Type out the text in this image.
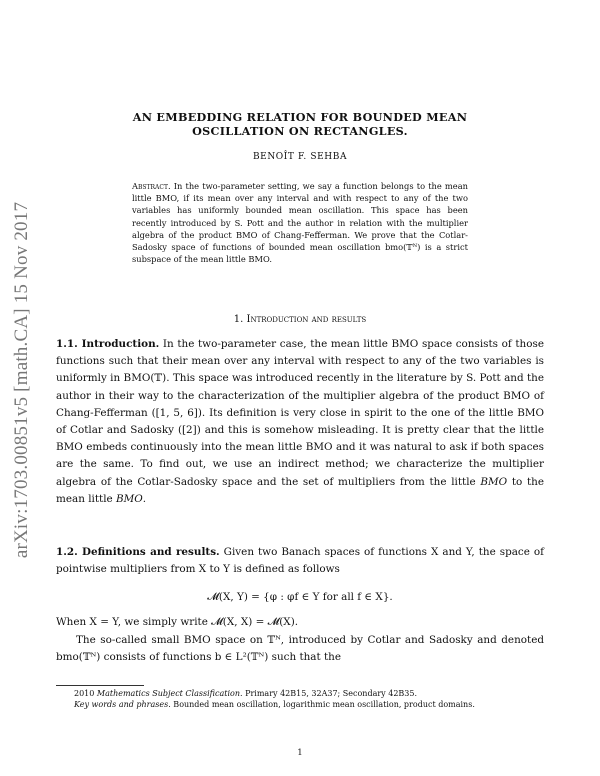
arXiv:1703.00851v5 [math.CA] 15 Nov 2017
AN EMBEDDING RELATION FOR BOUNDED MEAN
OSCILLATION ON RECTANGLES.
BENOÎT F. SEHBA
Abstract. In the two-parameter setting, we say a function belongs to the mean little BMO, if its mean over any interval and with respect to any of the two variables has uniformly bounded mean oscillation. This space has been recently introduced by S. Pott and the author in relation with the multiplier algebra of the product BMO of Chang-Fefferman. We prove that the Cotlar-Sadosky space of functions of bounded mean oscillation bmo(𝕋ᴺ) is a strict subspace of the mean little BMO.
1. Introduction and results
1.1. Introduction. In the two-parameter case, the mean little BMO space consists of those functions such that their mean over any interval with respect to any of the two variables is uniformly in BMO(𝕋). This space was introduced recently in the literature by S. Pott and the author in their way to the characterization of the multiplier algebra of the product BMO of Chang-Fefferman ([1, 5, 6]). Its definition is very close in spirit to the one of the little BMO of Cotlar and Sadosky ([2]) and this is somehow misleading. It is pretty clear that the little BMO embeds continuously into the mean little BMO and it was natural to ask if both spaces are the same. To find out, we use an indirect method; we characterize the multiplier algebra of the Cotlar-Sadosky space and the set of multipliers from the little BMO to the mean little BMO.
1.2. Definitions and results. Given two Banach spaces of functions X and Y, the space of pointwise multipliers from X to Y is defined as follows
𝓜(X, Y) = {φ : φf ∈ Y for all f ∈ X}.
When X = Y, we simply write 𝓜(X, X) = 𝓜(X).
The so-called small BMO space on 𝕋ᴺ, introduced by Cotlar and Sadosky and denoted bmo(𝕋ᴺ) consists of functions b ∈ L²(𝕋ᴺ) such that the
2010 Mathematics Subject Classification. Primary 42B15, 32A37; Secondary 42B35.
Key words and phrases. Bounded mean oscillation, logarithmic mean oscillation, product domains.
1
